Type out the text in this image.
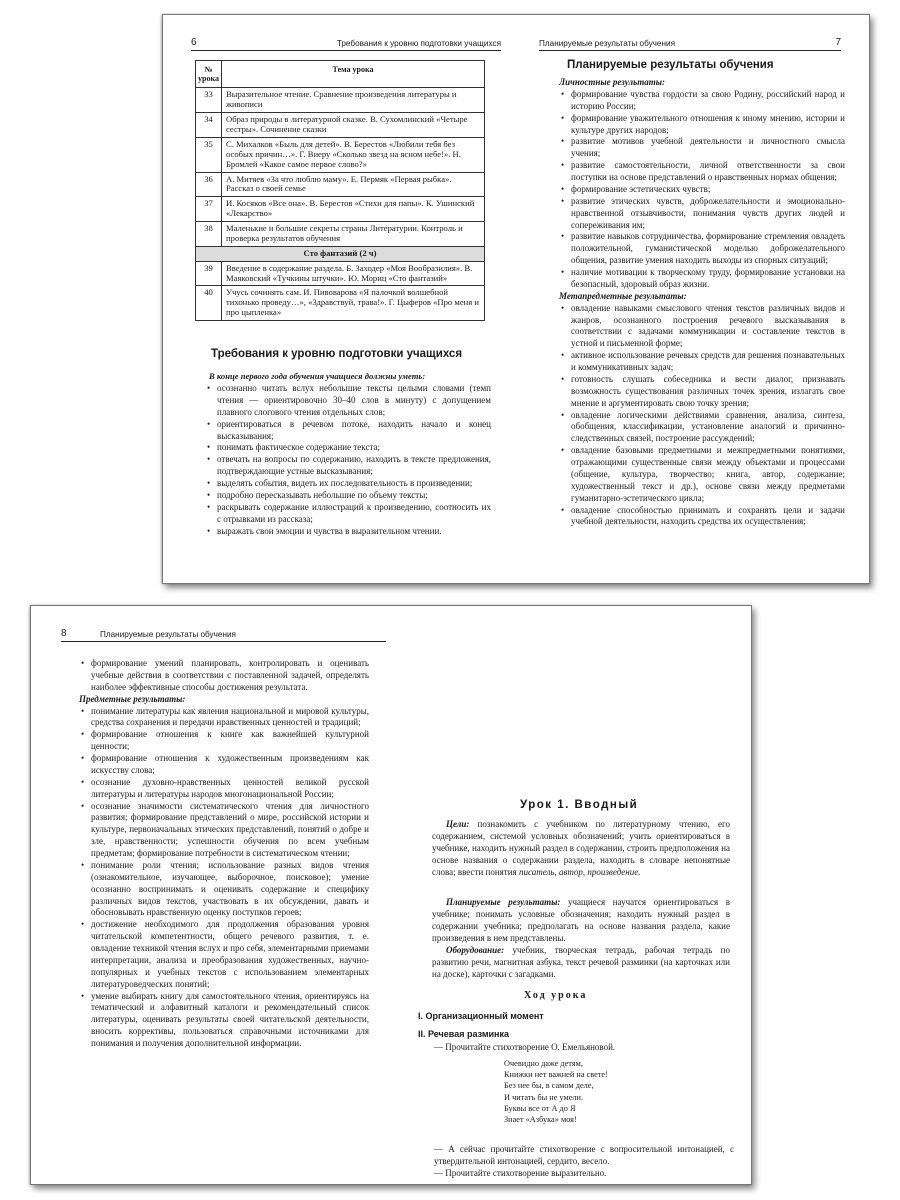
6	Требования к уровню подготовки учащихся
№ урока	Тема урока
33	Выразительное чтение. Сравнение произведения литературы и живописи
34	Образ природы в литературной сказке. В. Сухомлинский «Четыре сестры». Сочинение сказки
35	С. Михалков «Быль для детей». В. Берестов «Любили тебя без особых причин…». Г. Виеру «Сколько звезд на ясном небе!». Н. Бромлей «Какое самое первое слово?»
36	А. Митяев «За что люблю маму». Е. Пермяк «Первая рыбка». Рассказ о своей семье
37	И. Косяков «Все она». В. Берестов «Стихи для папы». К. Ушинский «Лекарство»
38	Маленькие и большие секреты страны Литературии. Контроль и проверка результатов обучения
Сто фантазий (2 ч)	
39	Введение в содержание раздела. Б. Заходер «Моя Вообразилия». В. Маяковский «Тучкины штучки». Ю. Мориц «Сто фантазий»
40	Учусь сочинять сам. И. Пивоварова «Я палочкой волшебной тихонько проведу…», «Здравствуй, трава!». Г. Цыферов «Про меня и про цыпленка»
Требования к уровню подготовки учащихся
В конце первого года обучения учащиеся должны уметь:
• осознанно читать вслух небольшие тексты целыми словами (темп чтения — ориентировочно 30–40 слов в минуту) с допущением плавного слогового чтения отдельных слов;
• ориентироваться в речевом потоке, находить начало и конец высказывания;
• понимать фактическое содержание текста;
• отвечать на вопросы по содержанию, находить в тексте предложения, подтверждающие устные высказывания;
• выделять события, видеть их последовательность в произведении;
• подробно пересказывать небольшие по объему тексты;
• раскрывать содержание иллюстраций к произведению, соотносить их с отрывками из рассказа;
• выражать свои эмоции и чувства в выразительном чтении.
Планируемые результаты обучения	7
Планируемые результаты обучения
Личностные результаты:
• формирование чувства гордости за свою Родину, российский народ и историю России;
• формирование уважительного отношения к иному мнению, истории и культуре других народов;
• развитие мотивов учебной деятельности и личностного смысла учения;
• развитие самостоятельности, личной ответственности за свои поступки на основе представлений о нравственных нормах общения;
• формирование эстетических чувств;
• развитие этических чувств, доброжелательности и эмоционально-нравственной отзывчивости, понимания чувств других людей и сопереживания им;
• развитие навыков сотрудничества, формирование стремления овладеть положительной, гуманистической моделью доброжелательного общения, развитие умения находить выходы из спорных ситуаций;
• наличие мотивации к творческому труду, формирование установки на безопасный, здоровый образ жизни.
Метапредметные результаты:
• овладение навыками смыслового чтения текстов различных видов и жанров, осознанного построения речевого высказывания в соответствии с задачами коммуникации и составление текстов в устной и письменной форме;
• активное использование речевых средств для решения познавательных и коммуникативных задач;
• готовность слушать собеседника и вести диалог, признавать возможность существования различных точек зрения, излагать свое мнение и аргументировать свою точку зрения;
• овладение логическими действиями сравнения, анализа, синтеза, обобщения, классификации, установление аналогий и причинно-следственных связей, построение рассуждений;
• овладение базовыми предметными и межпредметными понятиями, отражающими существенные связи между объектами и процессами (общение, культура, творчество; книга, автор, содержание; художественный текст и др.), основе связи между предметами гуманитарно-эстетического цикла;
• овладение способностью принимать и сохранять цели и задачи учебной деятельности, находить средства их осуществления;
8	Планируемые результаты обучения
• формирование умений планировать, контролировать и оценивать учебные действия в соответствии с поставленной задачей, определять наиболее эффективные способы достижения результата.
Предметные результаты:
• понимание литературы как явления национальной и мировой культуры, средства сохранения и передачи нравственных ценностей и традиций;
• формирование отношения к книге как важнейшей культурной ценности;
• формирование отношения к художественным произведениям как искусству слова;
• осознание духовно-нравственных ценностей великой русской литературы и литературы народов многонациональной России;
• осознание значимости систематического чтения для личностного развития; формирование представлений о мире, российской истории и культуре, первоначальных этических представлений, понятий о добре и зле, нравственности; успешности обучения по всем учебным предметам; формирование потребности в систематическом чтении;
• понимание роли чтения; использование разных видов чтения (ознакомительное, изучающее, выборочное, поисковое); умение осознанно воспринимать и оценивать содержание и специфику различных видов текстов, участвовать в их обсуждении, давать и обосновывать нравственную оценку поступков героев;
• достижение необходимого для продолжения образования уровня читательской компетентности, общего речевого развития, т. е. овладение техникой чтения вслух и про себя, элементарными приемами интерпретации, анализа и преобразования художественных, научно-популярных и учебных текстов с использованием элементарных литературоведческих понятий;
• умение выбирать книгу для самостоятельного чтения, ориентируясь на тематический и алфавитный каталоги и рекомендательный список литературы, оценивать результаты своей читательской деятельности, вносить коррективы, пользоваться справочными источниками для понимания и получения дополнительной информации.
Урок 1. Вводный

Цели: познакомить с учебником по литературному чтению, его содержанием, системой условных обозначений; учить ориентироваться в учебнике, находить нужный раздел в содержании, строить предположения на основе названия о содержании раздела, находить в словаре непонятные слова; ввести понятия писатель, автор, произведение.

Планируемые результаты: учащиеся научатся ориентироваться в учебнике; понимать условные обозначения; находить нужный раздел в содержании учебника; предполагать на основе названия раздела, какие произведения в нем представлены.

Оборудование: учебник, творческая тетрадь, рабочая тетрадь по развитию речи, магнитная азбука, текст речевой разминки (на карточках или на доске), карточки с загадками.

Ход урока
I. Организационный момент
II. Речевая разминка
— Прочитайте стихотворение О. Емельяновой.
Очевидно даже детям,
Книжки нет важней на свете!
Без нее бы, в самом деле,
И читать бы не умели.
Буквы все от А до Я
Знает «Азбука» моя!
— А сейчас прочитайте стихотворение с вопросительной интонацией, с утвердительной интонацией, сердито, весело.
— Прочитайте стихотворение выразительно.
